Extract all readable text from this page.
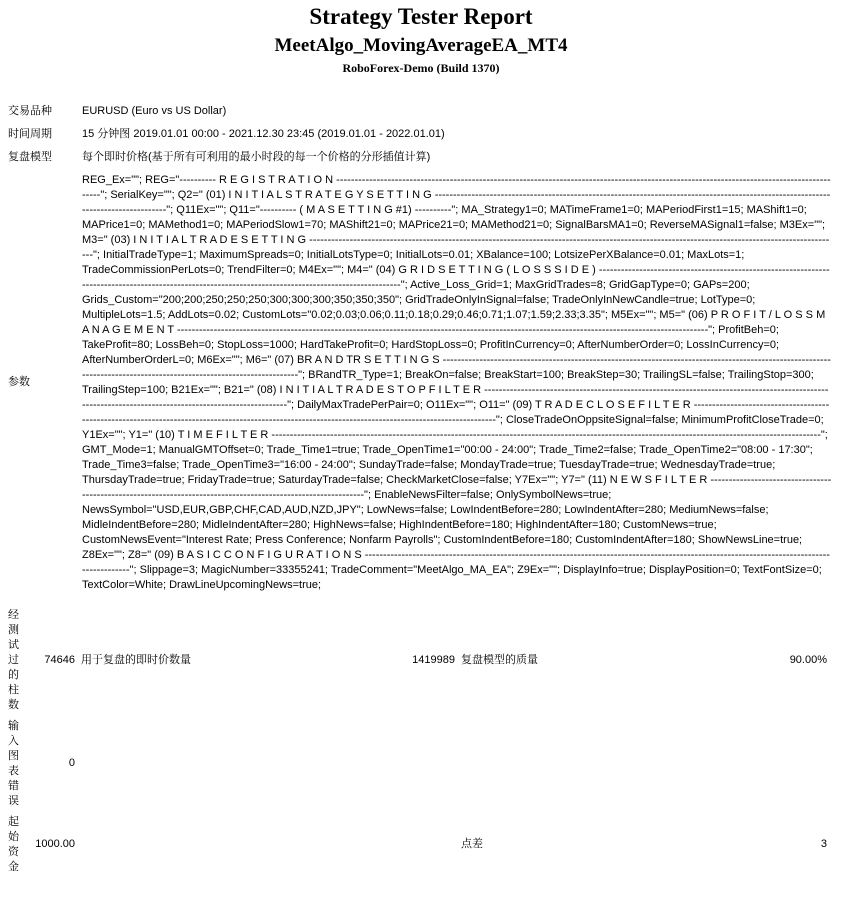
Strategy Tester Report
MeetAlgo_MovingAverageEA_MT4
RoboForex-Demo (Build 1370)
交易品种	EURUSD (Euro vs US Dollar)
时间周期	15 分钟图 2019.01.01 00:00 - 2021.12.30 23:45 (2019.01.01 - 2022.01.01)
复盘模型	每个即时价格(基于所有可利用的最小时段的每一个价格的分形插值计算)
参数	REG_Ex=""; REG="---------- R E G I S T R A T I O N --------------------------------------------------------------------------------------------------------------------------------------------"; SerialKey=""; Q2=" (01) I N I T I A L S T R A T E G Y S E T T I N G -----------------------------------------------------------------------------------------------------------------------------------"; Q11Ex=""; Q11="---------- ( M A S E T T I N G #1) ----------"; MA_Strategy1=0; MATimeFrame1=0; MAPeriodFirst1=15; MAShift1=0; MAPrice1=0; MAMethod1=0; MAPeriodSlow1=70; MAShift21=0; MAPrice21=0; MAMethod21=0; SignalBarsMA1=0; ReverseMASignal1=false; M3Ex=""; M3=" (03) I N I T I A L T R A D E S E T T I N G -------------------------------------------------------------------------------------------------------------------------------------------------"; InitialTradeType=1; MaximumSpreads=0; InitialLotsType=0; InitialLots=0.01; XBalance=100; LotsizePerXBalance=0.01; MaxLots=1; TradeCommissionPerLots=0; TrendFilter=0; M4Ex=""; M4=" (04) G R I D S E T T I N G ( L O S S S I D E ) ------------------------------------------------------------------------------------------------------------------------------------------------------"; Active_Loss_Grid=1; MaxGridTrades=8; GridGapType=0; GAPs=200; Grids_Custom="200;200;250;250;250;300;300;300;350;350;350"; GridTradeOnlyInSignal=false; TradeOnlyInNewCandle=true; LotType=0; MultipleLots=1.5; AddLots=0.02; CustomLots="0.02;0.03;0.06;0.11;0.18;0.29;0.46;0.71;1.07;1.59;2.33;3.35"; M5Ex=""; M5=" (06) P R O F I T / L O S S M A N A G E M E N T -------------------------------------------------------------------------------------------------------------------------------------------------"; ProfitBeh=0; TakeProfit=80; LossBeh=0; StopLoss=1000; HardTakeProfit=0; HardStopLoss=0; ProfitInCurrency=0; AfterNumberOrder=0; LossInCurrency=0; AfterNumberOrderL=0; M6Ex=""; M6=" (07) BR A N D TR S E T T I N G S ---------------------------------------------------------------------------------------------------------------------------------------------------------------------"; BRandTR_Type=1; BreakOn=false; BreakStart=100; BreakStep=30; TrailingSL=false; TrailingStop=300; TrailingStep=100; B21Ex=""; B21=" (08) I N I T I A L T R A D E S T O P F I L T E R ------------------------------------------------------------------------------------------------------------------------------------------------------"; DailyMaxTradePerPair=0; O11Ex=""; O11=" (09) T R A D E C L O S E F I L T E R ------------------------------------------------------------------------------------------------------------------------------------------------------"; CloseTradeOnOppsiteSignal=false; MinimumProfitCloseTrade=0; Y1Ex=""; Y1=" (10) T I M E F I L T E R ------------------------------------------------------------------------------------------------------------------------------------------------------"; GMT_Mode=1; ManualGMTOffset=0; Trade_Time1=true; Trade_OpenTime1="00:00 - 24:00"; Trade_Time2=false; Trade_OpenTime2="08:00 - 17:30"; Trade_Time3=false; Trade_OpenTime3="16:00 - 24:00"; SundayTrade=false; MondayTrade=true; TuesdayTrade=true; WednesdayTrade=true; ThursdayTrade=true; FridayTrade=true; SaturdayTrade=false; CheckMarketClose=false; Y7Ex=""; Y7=" (11) N E W S F I L T E R --------------------------------------------------------------------------------------------------------------"; EnableNewsFilter=false; OnlySymbolNews=true; NewsSymbol="USD,EUR,GBP,CHF,CAD,AUD,NZD,JPY"; LowNews=false; LowIndentBefore=280; LowIndentAfter=280; MediumNews=false; MidleIndentBefore=280; MidleIndentAfter=280; HighNews=false; HighIndentBefore=180; HighIndentAfter=180; CustomNews=true; CustomNewsEvent="Interest Rate; Press Conference; Nonfarm Payrolls"; CustomIndentBefore=180; CustomIndentAfter=180; ShowNewsLine=true; Z8Ex=""; Z8=" (09) B A S I C C O N F I G U R A T I O N S --------------------------------------------------------------------------------------------------------------------------------------------"; Slippage=3; MagicNumber=33355241; TradeComment="MeetAlgo_MA_EA"; Z9Ex=""; DisplayInfo=true; DisplayPosition=0; TextFontSize=0; TextColor=White; DrawLineUpcomingNews=true;
经测试过的柱数	74646	用于复盘的即时价数量	1419989	复盘模型的质量	90.00%
输入图表错误	0				
起始资金	1000.00			点差	3
